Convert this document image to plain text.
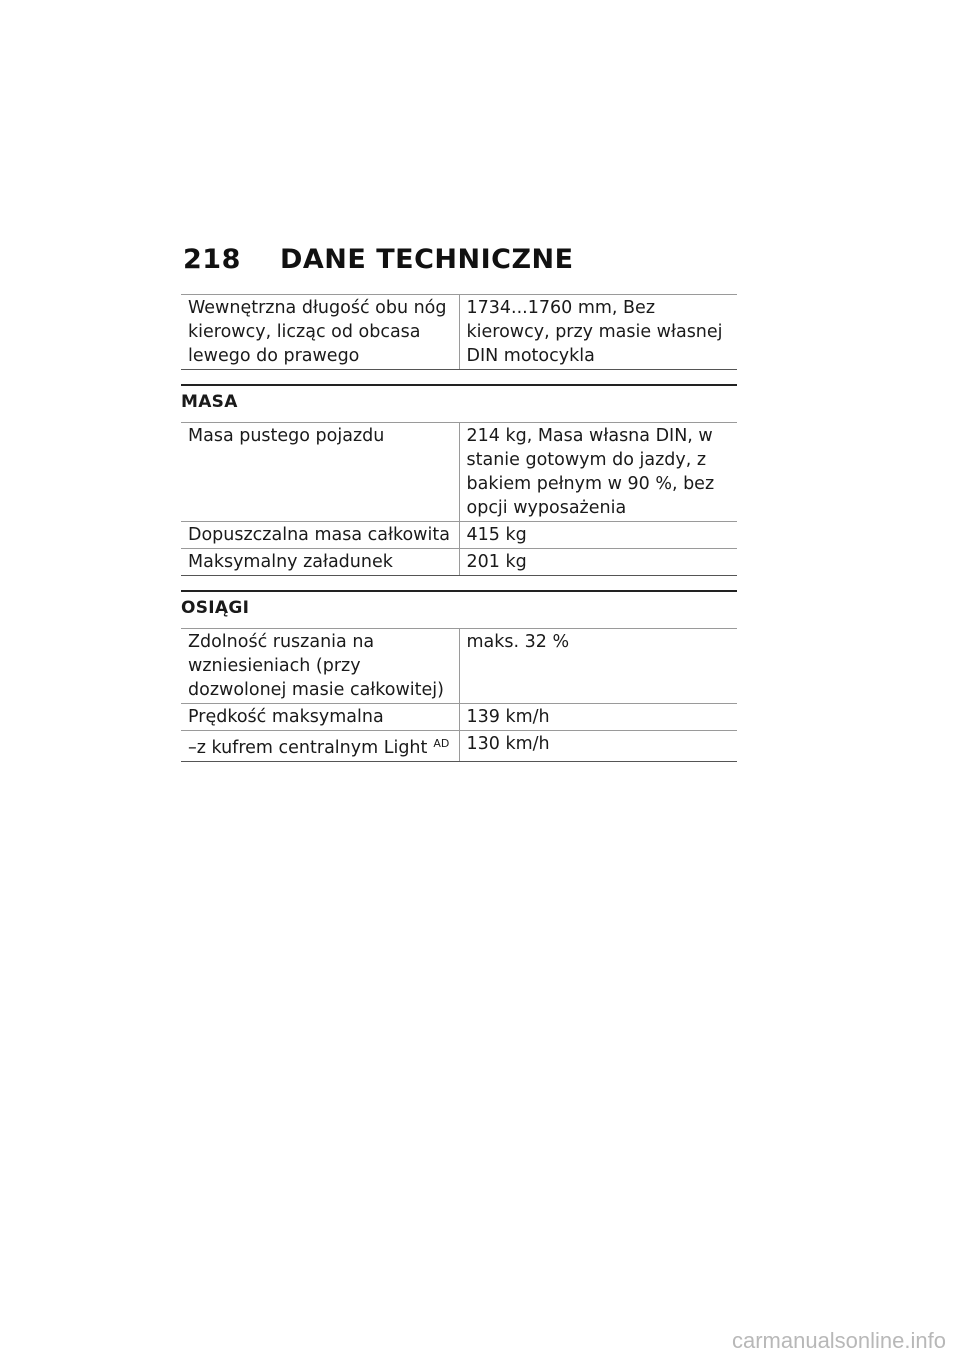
218	DANE TECHNICZNE
Wewnętrzna długość obu nóg kierowcy, licząc od obcasa lewego do prawego	1734...1760 mm, Bez kierowcy, przy masie własnej DIN motocykla
MASA
Masa pustego pojazdu	214 kg, Masa własna DIN, w stanie gotowym do jazdy, z bakiem pełnym w 90 %, bez opcji wyposażenia
Dopuszczalna masa całkowita	415 kg
Maksymalny załadunek	201 kg
OSIĄGI
Zdolność ruszania na wzniesieniach (przy dozwolonej masie całkowitej)	maks. 32 %
Prędkość maksymalna	139 km/h
–z kufrem centralnym Light $^{AD}$	130 km/h
carmanualsonline.info
